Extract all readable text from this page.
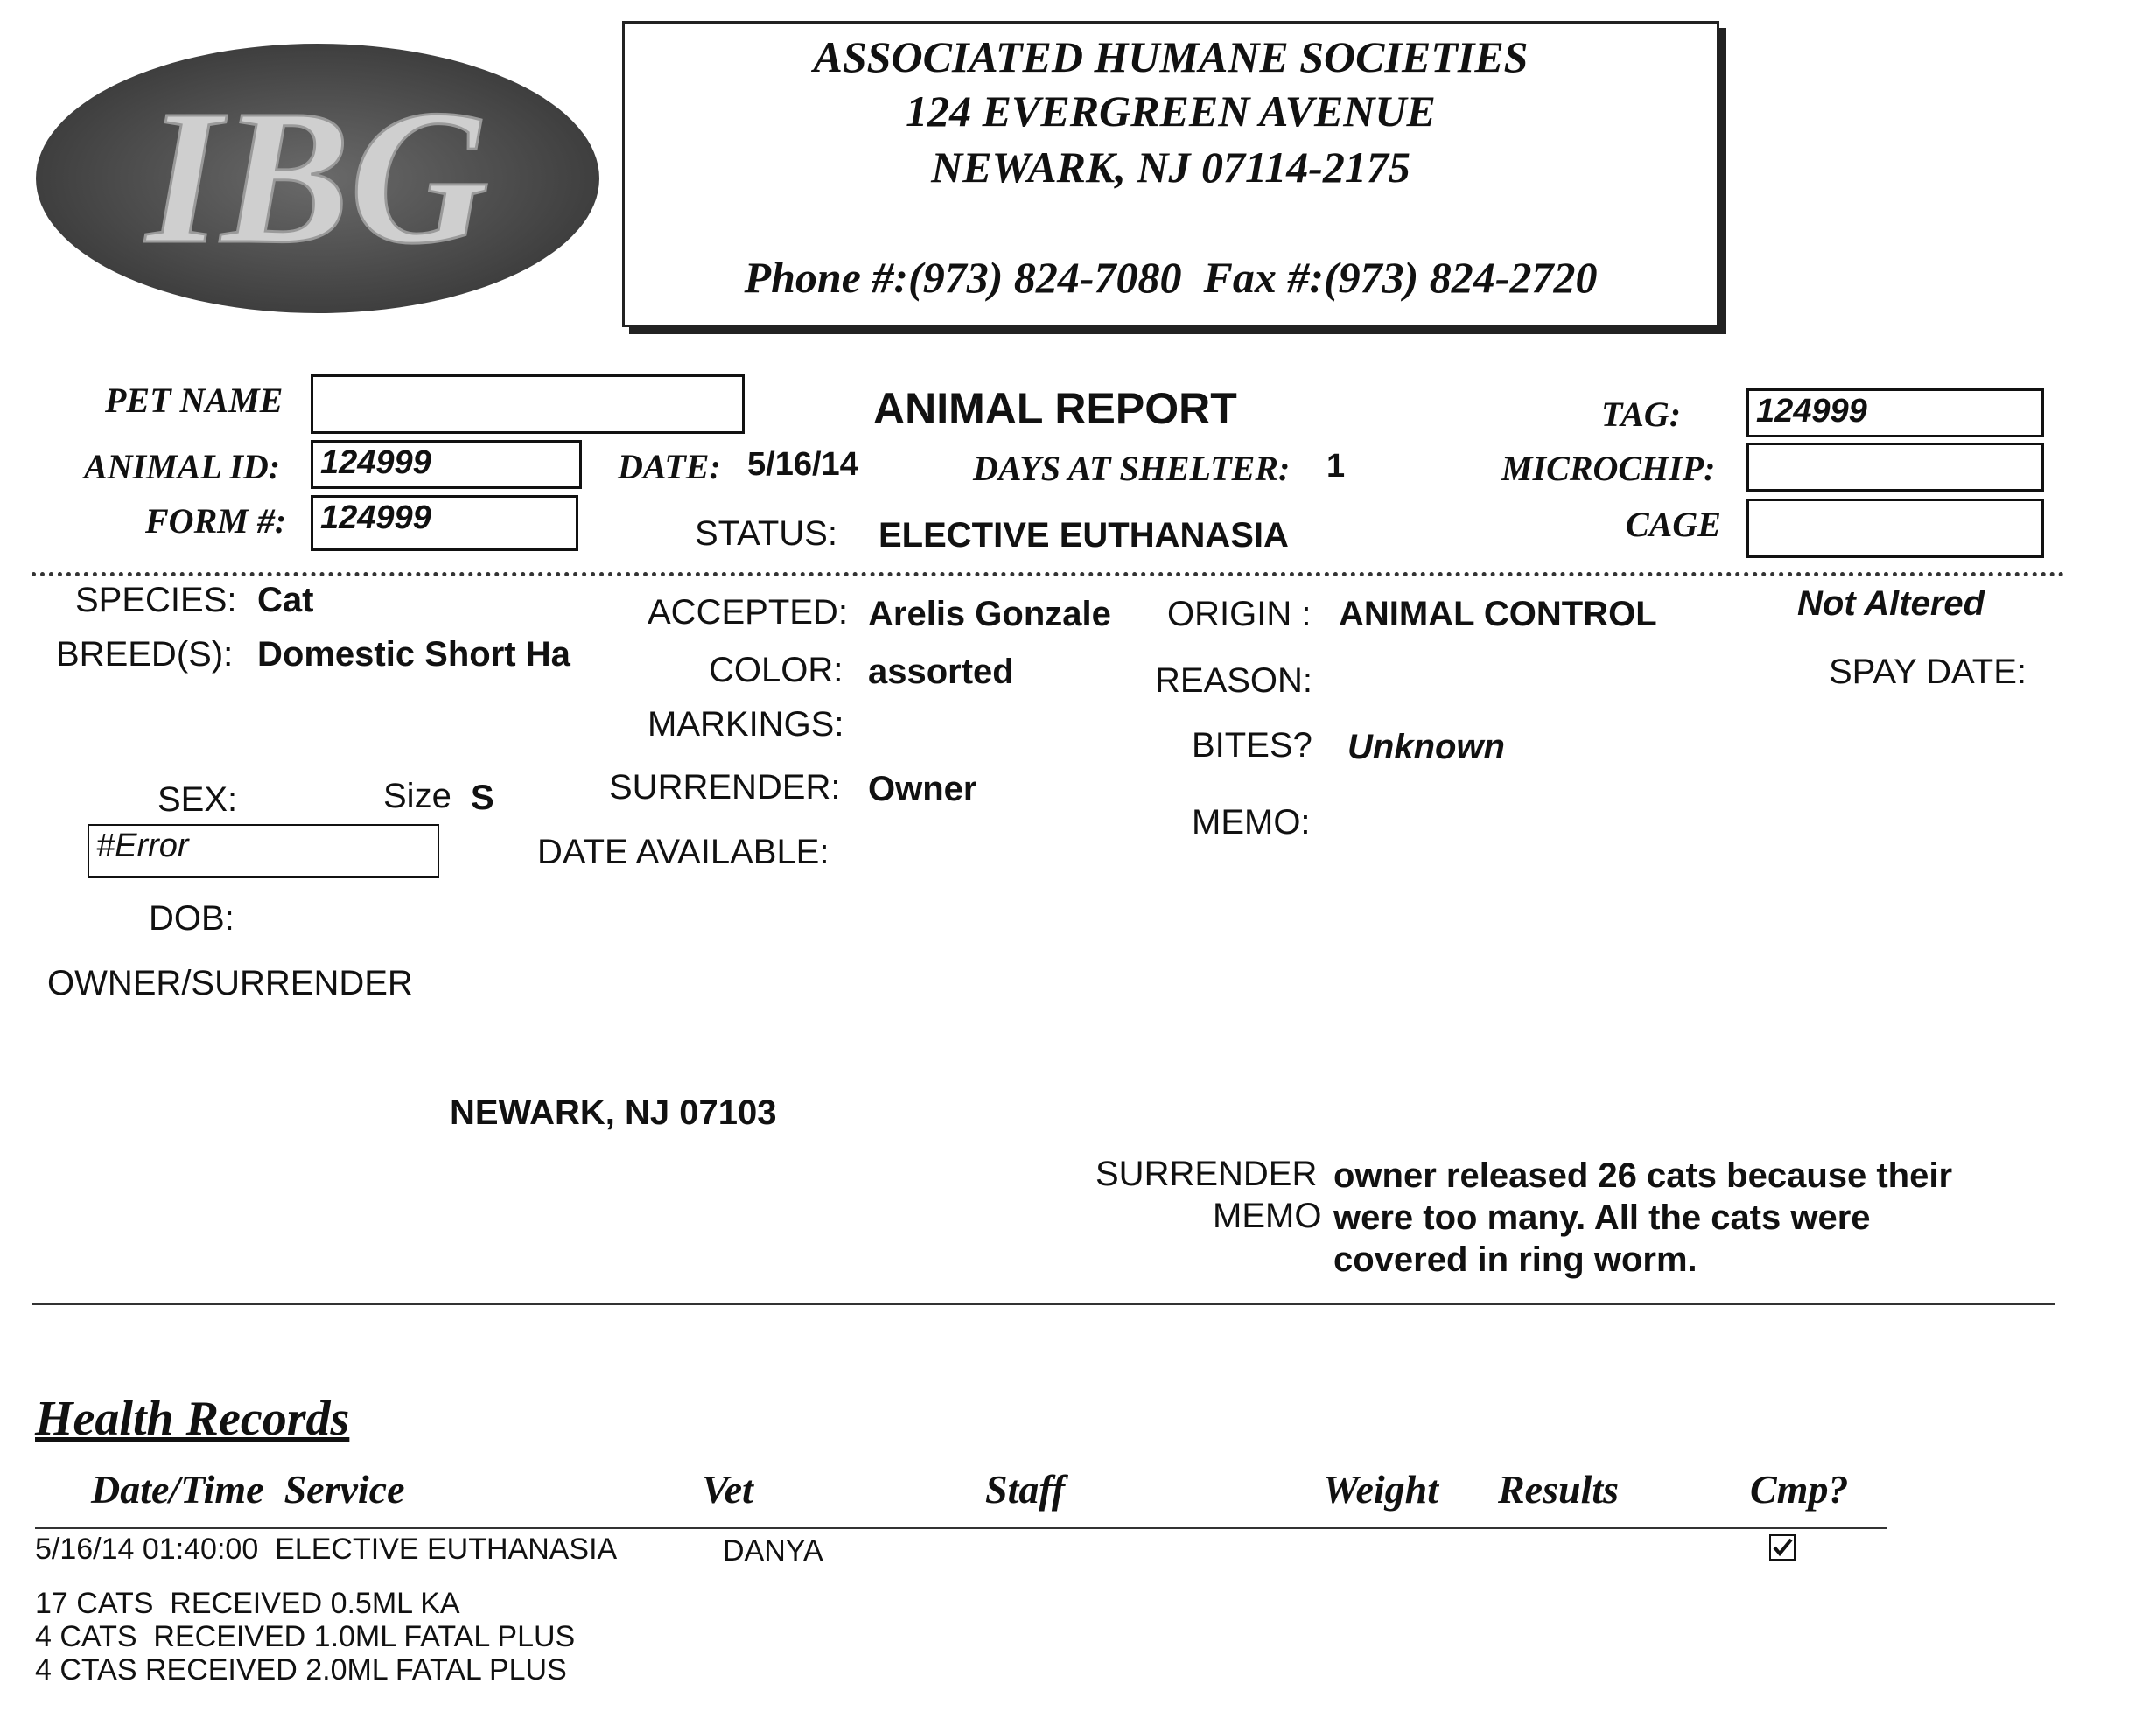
IBG
ASSOCIATED HUMANE SOCIETIES
124 EVERGREEN AVENUE
NEWARK, NJ 07114-2175
Phone #:(973) 824-7080  Fax #:(973) 824-2720
PET NAME	ANIMAL REPORT	TAG: 124999
ANIMAL ID: 124999	DATE: 5/16/14	DAYS AT SHELTER: 1	MICROCHIP:
FORM #: 124999	STATUS: ELECTIVE EUTHANASIA	CAGE
SPECIES: Cat
BREED(S): Domestic Short Ha
SEX:	Size S
#Error
DOB:
OWNER/SURRENDER
NEWARK, NJ 07103
ACCEPTED: Arelis Gonzale
COLOR: assorted
MARKINGS:
SURRENDER: Owner
DATE AVAILABLE:
ORIGIN : ANIMAL CONTROL
REASON:
BITES? Unknown
MEMO:
Not Altered
SPAY DATE:
SURRENDER
MEMO
owner released 26 cats because their
were too many. All the cats were
covered in ring worm.
Health Records
Date/Time  Service	Vet	Staff	Weight Results	Cmp?
5/16/14 01:40:00  ELECTIVE EUTHANASIA	DANYA
17 CATS  RECEIVED 0.5ML KA
4 CATS  RECEIVED 1.0ML FATAL PLUS
4 CTAS RECEIVED 2.0ML FATAL PLUS
